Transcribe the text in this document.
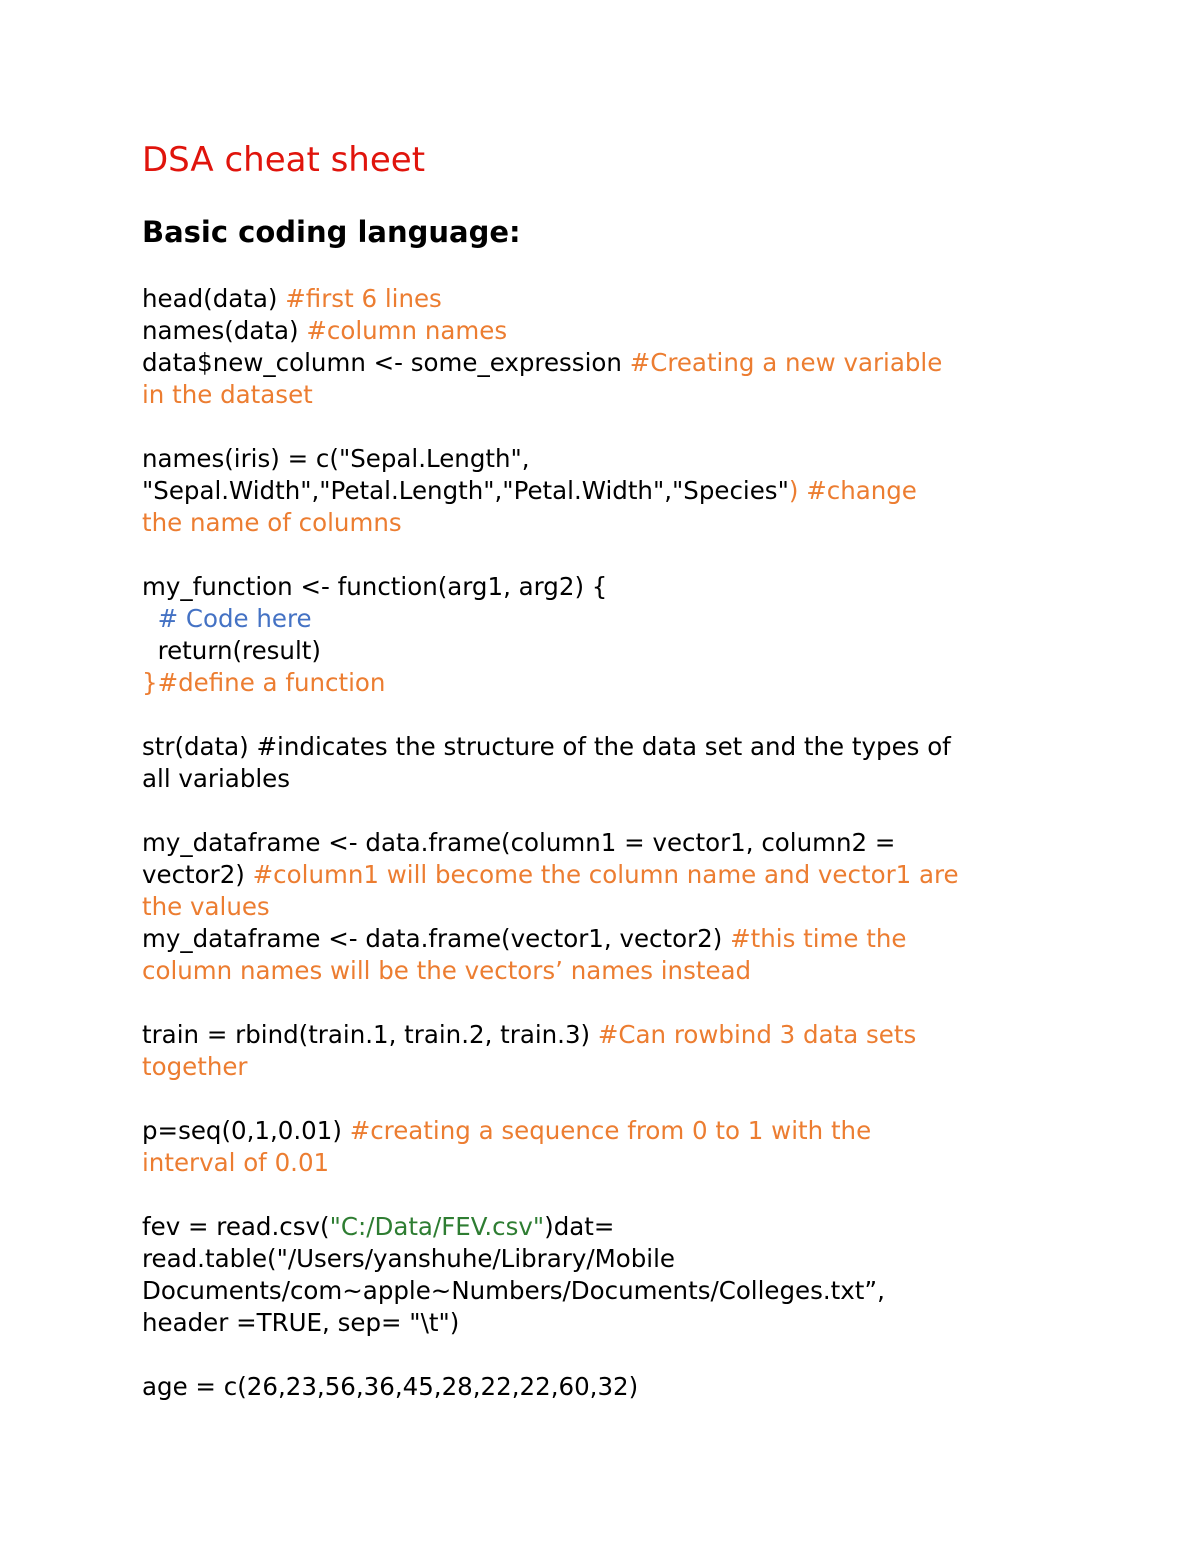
DSA cheat sheet
Basic coding language:
head(data) #first 6 lines
names(data) #column names
data$new_column <- some_expression #Creating a new variable
in the dataset
names(iris) = c("Sepal.Length",
"Sepal.Width","Petal.Length","Petal.Width","Species") #change
the name of columns
my_function <- function(arg1, arg2) {
# Code here
return(result)
}#define a function
str(data) #indicates the structure of the data set and the types of
all variables
my_dataframe <- data.frame(column1 = vector1, column2 =
vector2) #column1 will become the column name and vector1 are
the values
my_dataframe <- data.frame(vector1, vector2) #this time the
column names will be the vectors’ names instead
train = rbind(train.1, train.2, train.3) #Can rowbind 3 data sets
together
p=seq(0,1,0.01) #creating a sequence from 0 to 1 with the
interval of 0.01
fev = read.csv("C:/Data/FEV.csv")dat=
read.table("/Users/yanshuhe/Library/Mobile
Documents/com~apple~Numbers/Documents/Colleges.txt”,
header =TRUE, sep= "\t")
age = c(26,23,56,36,45,28,22,22,60,32)
